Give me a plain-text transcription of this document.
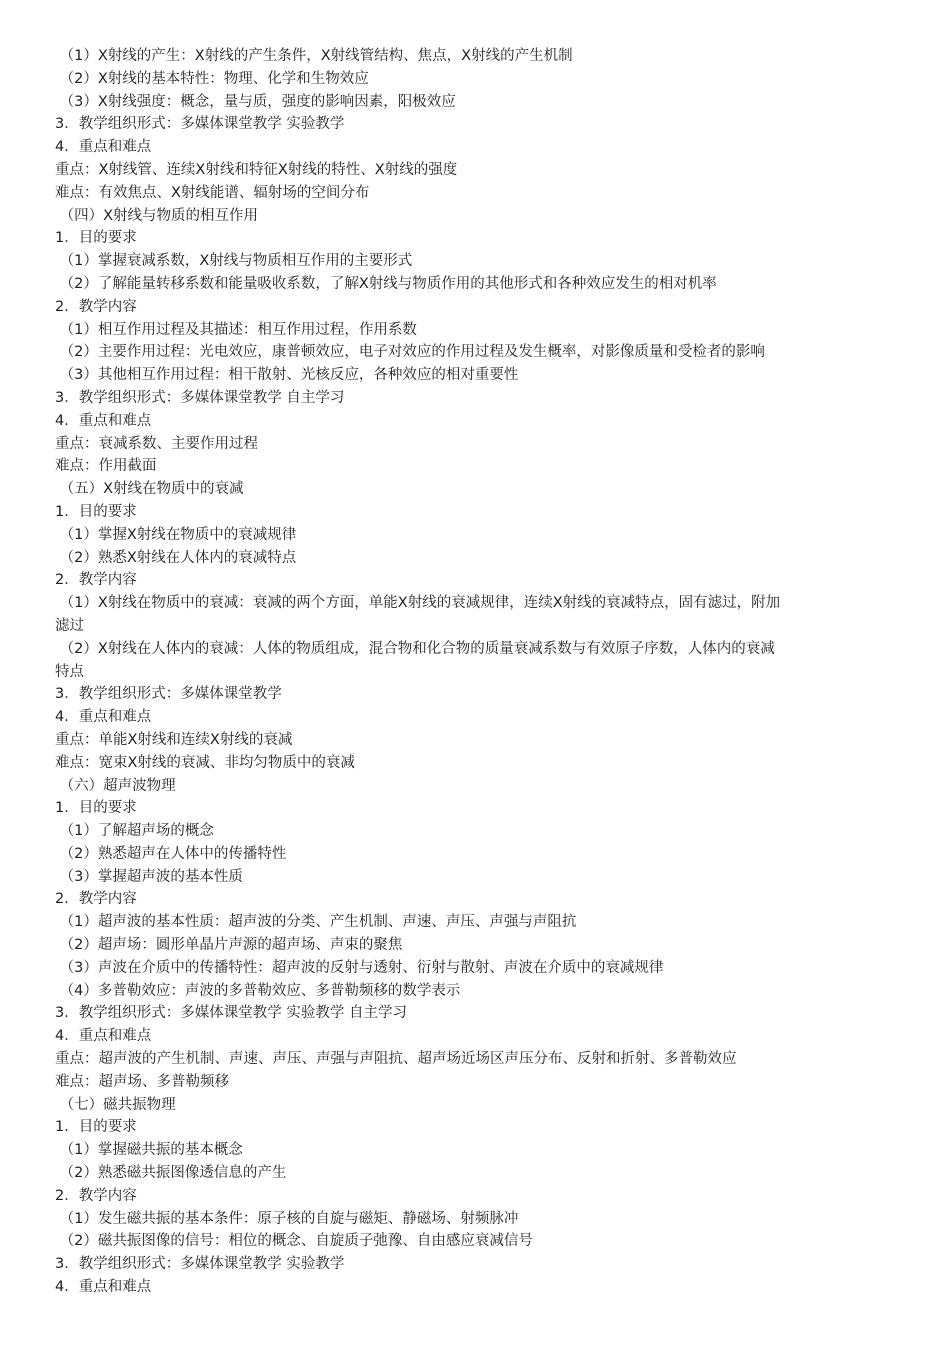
（1）X射线的产生：X射线的产生条件，X射线管结构、焦点，X射线的产生机制

（2）X射线的基本特性：物理、化学和生物效应

（3）X射线强度：概念，量与质，强度的影响因素，阳极效应

3．教学组织形式：多媒体课堂教学 实验教学

4．重点和难点

重点：X射线管、连续X射线和特征X射线的特性、X射线的强度

难点：有效焦点、X射线能谱、辐射场的空间分布

（四）X射线与物质的相互作用

1．目的要求

（1）掌握衰减系数，X射线与物质相互作用的主要形式

（2）了解能量转移系数和能量吸收系数，了解X射线与物质作用的其他形式和各种效应发生的相对机率

2．教学内容

（1）相互作用过程及其描述：相互作用过程，作用系数

（2）主要作用过程：光电效应，康普顿效应，电子对效应的作用过程及发生概率，对影像质量和受检者的影响

（3）其他相互作用过程：相干散射、光核反应，各种效应的相对重要性

3．教学组织形式：多媒体课堂教学 自主学习

4．重点和难点

重点：衰减系数、主要作用过程

难点：作用截面

（五）X射线在物质中的衰减

1．目的要求

（1）掌握X射线在物质中的衰减规律

（2）熟悉X射线在人体内的衰减特点

2．教学内容

（1）X射线在物质中的衰减：衰减的两个方面，单能X射线的衰减规律，连续X射线的衰减特点，固有滤过，附加

滤过

（2）X射线在人体内的衰减：人体的物质组成，混合物和化合物的质量衰减系数与有效原子序数，人体内的衰减

特点

3．教学组织形式：多媒体课堂教学

4．重点和难点

重点：单能X射线和连续X射线的衰减

难点：宽束X射线的衰减、非均匀物质中的衰减

（六）超声波物理

1．目的要求

（1）了解超声场的概念

（2）熟悉超声在人体中的传播特性

（3）掌握超声波的基本性质

2．教学内容

（1）超声波的基本性质：超声波的分类、产生机制、声速、声压、声强与声阻抗

（2）超声场：圆形单晶片声源的超声场、声束的聚焦

（3）声波在介质中的传播特性：超声波的反射与透射、衍射与散射、声波在介质中的衰减规律

（4）多普勒效应：声波的多普勒效应、多普勒频移的数学表示

3．教学组织形式：多媒体课堂教学 实验教学 自主学习

4．重点和难点

重点：超声波的产生机制、声速、声压、声强与声阻抗、超声场近场区声压分布、反射和折射、多普勒效应

难点：超声场、多普勒频移

（七）磁共振物理

1．目的要求

（1）掌握磁共振的基本概念

（2）熟悉磁共振图像透信息的产生

2．教学内容

（1）发生磁共振的基本条件：原子核的自旋与磁矩、静磁场、射频脉冲

（2）磁共振图像的信号：相位的概念、自旋质子弛豫、自由感应衰减信号

3．教学组织形式：多媒体课堂教学 实验教学

4．重点和难点
